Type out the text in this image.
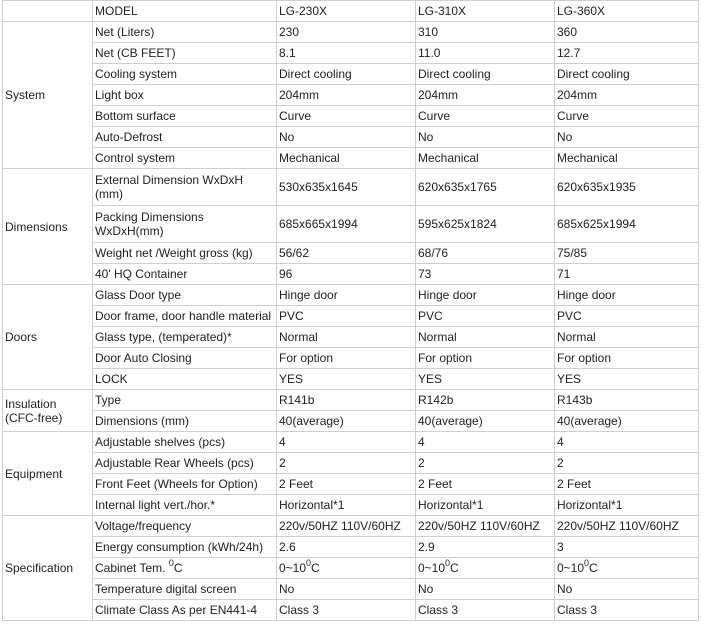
	MODEL	LG-230X	LG-310X	LG-360X
System	Net (Liters)	230	310	360
	Net (CB FEET)	8.1	11.0	12.7
	Cooling system	Direct cooling	Direct cooling	Direct cooling
	Light box	204mm	204mm	204mm
	Bottom surface	Curve	Curve	Curve
	Auto-Defrost	No	No	No
	Control system	Mechanical	Mechanical	Mechanical
Dimensions	External Dimension WxDxH (mm)	530x635x1645	620x635x1765	620x635x1935
	Packing Dimensions WxDxH(mm)	685x665x1994	595x625x1824	685x625x1994
	Weight net /Weight gross (kg)	56/62	68/76	75/85
	40' HQ Container	96	73	71
Doors	Glass Door type	Hinge door	Hinge door	Hinge door
	Door frame, door handle material	PVC	PVC	PVC
	Glass type, (temperated)*	Normal	Normal	Normal
	Door Auto Closing	For option	For option	For option
	LOCK	YES	YES	YES
Insulation (CFC-free)	Type	R141b	R142b	R143b
	Dimensions (mm)	40(average)	40(average)	40(average)
Equipment	Adjustable shelves (pcs)	4	4	4
	Adjustable Rear Wheels (pcs)	2	2	2
	Front Feet (Wheels for Option)	2 Feet	2 Feet	2 Feet
	Internal light vert./hor.*	Horizontal*1	Horizontal*1	Horizontal*1
Specification	Voltage/frequency	220v/50HZ 110V/60HZ	220v/50HZ 110V/60HZ	220v/50HZ 110V/60HZ
	Energy consumption (kWh/24h)	2.6	2.9	3
	Cabinet Tem. $^0$C	$0\sim 10^0C$	$0\sim 10^0C$	$0\sim 10^0C$
	Temperature digital screen	No	No	No
	Climate Class As per EN441-4	Class 3	Class 3	Class 3
